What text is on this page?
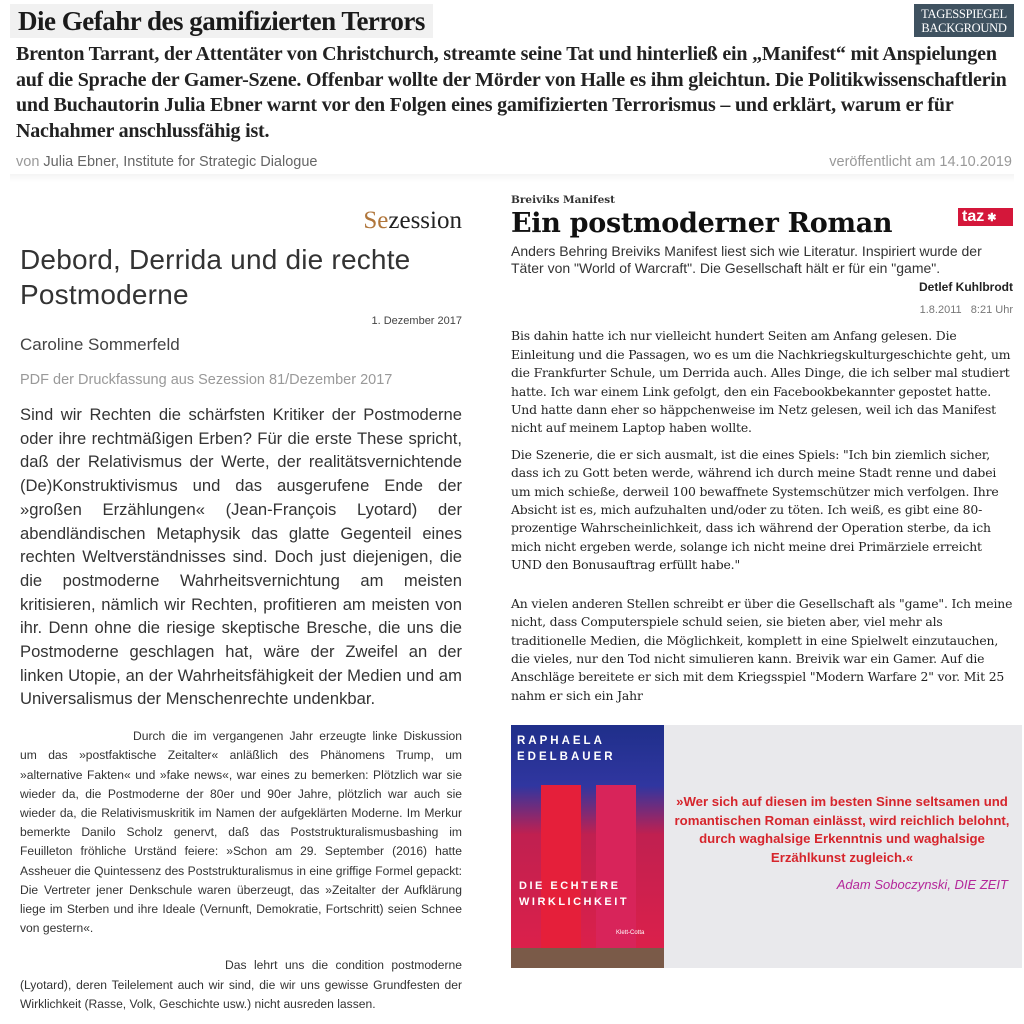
Die Gefahr des gamifizierten Terrors	TAGESSPIEGEL
BACKGROUND
Brenton Tarrant, der Attentäter von Christchurch, streamte seine Tat und hinterließ ein „Manifest“ mit Anspielungen auf die Sprache der Gamer-Szene. Offenbar wollte der Mörder von Halle es ihm gleichtun. Die Politikwissenschaftlerin und Buchautorin Julia Ebner warnt vor den Folgen eines gamifizierten Terrorismus – und erklärt, warum er für Nachahmer anschlussfähig ist.
von Julia Ebner, Institute for Strategic Dialogue	veröffentlicht am 14.10.2019
Sezession
Debord, Derrida und die rechte Postmoderne
1. Dezember 2017
Caroline Sommerfeld
PDF der Druckfassung aus Sezession 81/Dezember 2017
Sind wir Rechten die schärfsten Kritiker der Postmoderne oder ihre rechtmäßigen Erben? Für die erste These spricht, daß der Relativismus der Werte, der realitätsvernichtende (De)Konstruktivismus und das ausgerufene Ende der »großen Erzählungen« (Jean-François Lyotard) der abendländischen Metaphysik das glatte Gegenteil eines rechten Weltverständnisses sind. Doch just diejenigen, die die postmoderne Wahrheitsvernichtung am meisten kritisieren, nämlich wir Rechten, profitieren am meisten von ihr. Denn ohne die riesige skeptische Bresche, die uns die Postmoderne geschlagen hat, wäre der Zweifel an der linken Utopie, an der Wahrheitsfähigkeit der Medien und am Universalismus der Menschenrechte undenkbar.
Durch die im vergangenen Jahr erzeugte linke Diskussion um das »postfaktische Zeitalter« anläßlich des Phänomens Trump, um »alternative Fakten« und »fake news«, war eines zu bemerken: Plötzlich war sie wieder da, die Postmoderne der 80er und 90er Jahre, plötzlich war auch sie wieder da, die Relativismuskritik im Namen der aufgeklärten Moderne. Im Merkur bemerkte Danilo Scholz genervt, daß das Poststrukturalismusbashing im Feuilleton fröhliche Urständ feiere: »Schon am 29. September (2016) hatte Assheuer die Quintessenz des Poststrukturalismus in eine griffige Formel gepackt: Die Vertreter jener Denkschule waren überzeugt, das »Zeitalter der Aufklärung liege im Sterben und ihre Ideale (Vernunft, Demokratie, Fortschritt) seien Schnee von gestern«.
Das lehrt uns die condition postmoderne (Lyotard), deren Teilelement auch wir sind, die wir uns gewisse Grundfesten der Wirklichkeit (Rasse, Volk, Geschichte usw.) nicht ausreden lassen.
Breiviks Manifest
Ein postmoderner Roman	taz ✱
Anders Behring Breiviks Manifest liest sich wie Literatur. Inspiriert wurde der Täter von "World of Warcraft". Die Gesellschaft hält er für ein "game".
Detlef Kuhlbrodt
1.8.2011   8:21 Uhr
Bis dahin hatte ich nur vielleicht hundert Seiten am Anfang gelesen. Die Einleitung und die Passagen, wo es um die Nachkriegskulturgeschichte geht, um die Frankfurter Schule, um Derrida auch. Alles Dinge, die ich selber mal studiert hatte. Ich war einem Link gefolgt, den ein Facebookbekannter gepostet hatte. Und hatte dann eher so häppchenweise im Netz gelesen, weil ich das Manifest nicht auf meinem Laptop haben wollte.
Die Szenerie, die er sich ausmalt, ist die eines Spiels: "Ich bin ziemlich sicher, dass ich zu Gott beten werde, während ich durch meine Stadt renne und dabei um mich schieße, derweil 100 bewaffnete Systemschützer mich verfolgen. Ihre Absicht ist es, mich aufzuhalten und/oder zu töten. Ich weiß, es gibt eine 80-prozentige Wahrscheinlichkeit, dass ich während der Operation sterbe, da ich mich nicht ergeben werde, solange ich nicht meine drei Primärziele erreicht UND den Bonusauftrag erfüllt habe."
An vielen anderen Stellen schreibt er über die Gesellschaft als "game". Ich meine nicht, dass Computerspiele schuld seien, sie bieten aber, viel mehr als traditionelle Medien, die Möglichkeit, komplett in eine Spielwelt einzutauchen, die vieles, nur den Tod nicht simulieren kann. Breivik war ein Gamer. Auf die Anschläge bereitete er sich mit dem Kriegsspiel "Modern Warfare 2" vor. Mit 25 nahm er sich ein Jahr
RAPHAELA
EDELBAUER
DIE ECHTERE
WIRKLICHKEIT
Klett-Cotta
»Wer sich auf diesen im besten Sinne seltsamen und romantischen Roman einlässt, wird reichlich belohnt, durch waghalsige Erkenntnis und waghalsige Erzählkunst zugleich.«
Adam Soboczynski, DIE ZEIT
